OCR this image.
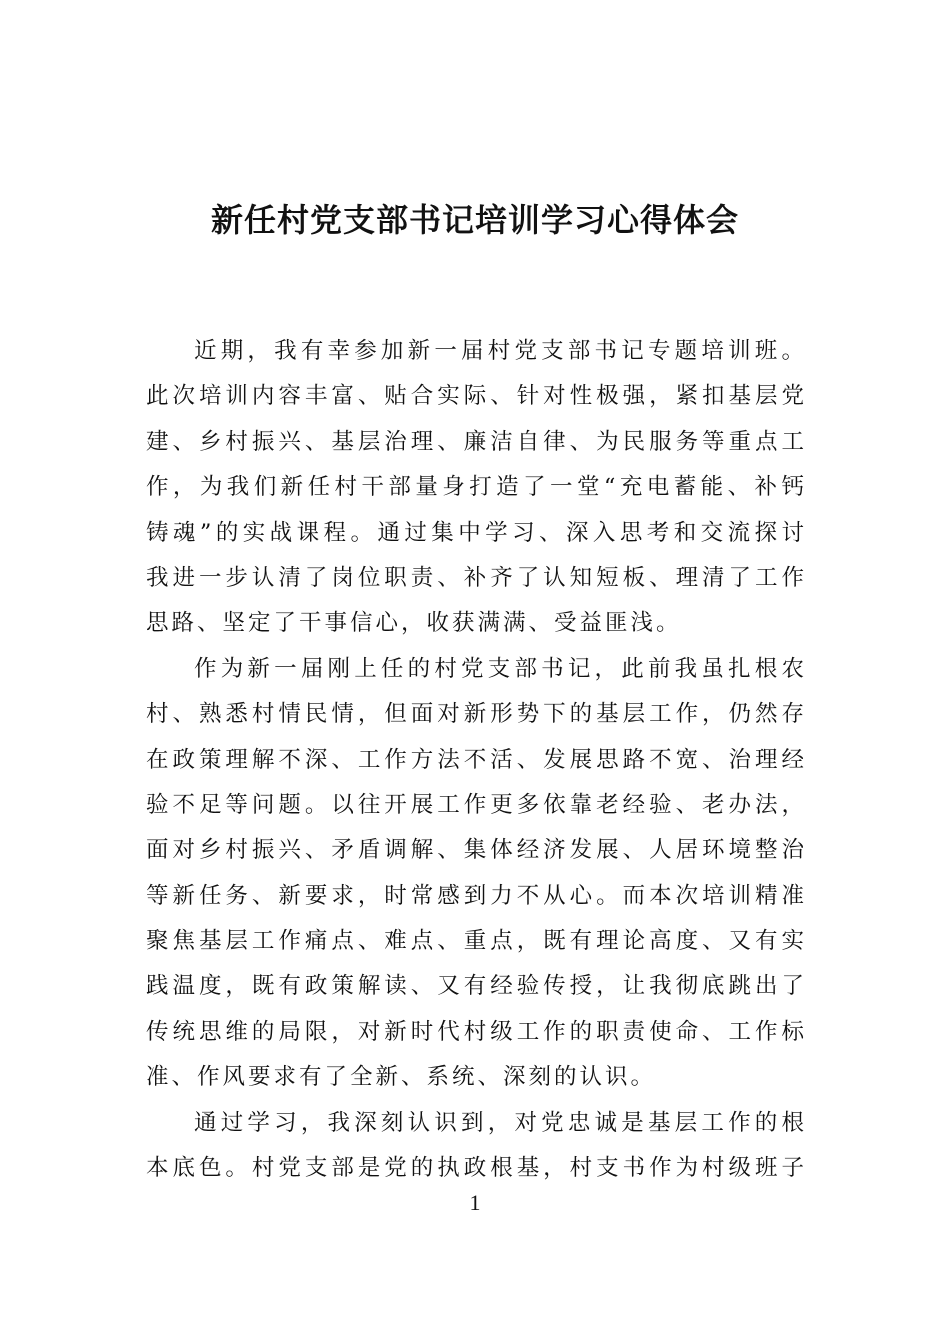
新任村党支部书记培训学习心得体会
近期，我有幸参加新一届村党支部书记专题培训班。
此次培训内容丰富、贴合实际、针对性极强，紧扣基层党
建、乡村振兴、基层治理、廉洁自律、为民服务等重点工
作，为我们新任村干部量身打造了一堂“充电蓄能、补钙
铸魂”的实战课程。通过集中学习、深入思考和交流探讨
我进一步认清了岗位职责、补齐了认知短板、理清了工作
思路、坚定了干事信心，收获满满、受益匪浅。
作为新一届刚上任的村党支部书记，此前我虽扎根农
村、熟悉村情民情，但面对新形势下的基层工作，仍然存
在政策理解不深、工作方法不活、发展思路不宽、治理经
验不足等问题。以往开展工作更多依靠老经验、老办法，
面对乡村振兴、矛盾调解、集体经济发展、人居环境整治
等新任务、新要求，时常感到力不从心。而本次培训精准
聚焦基层工作痛点、难点、重点，既有理论高度、又有实
践温度，既有政策解读、又有经验传授，让我彻底跳出了
传统思维的局限，对新时代村级工作的职责使命、工作标
准、作风要求有了全新、系统、深刻的认识。
通过学习，我深刻认识到，对党忠诚是基层工作的根
本底色。村党支部是党的执政根基，村支书作为村级班子
1
